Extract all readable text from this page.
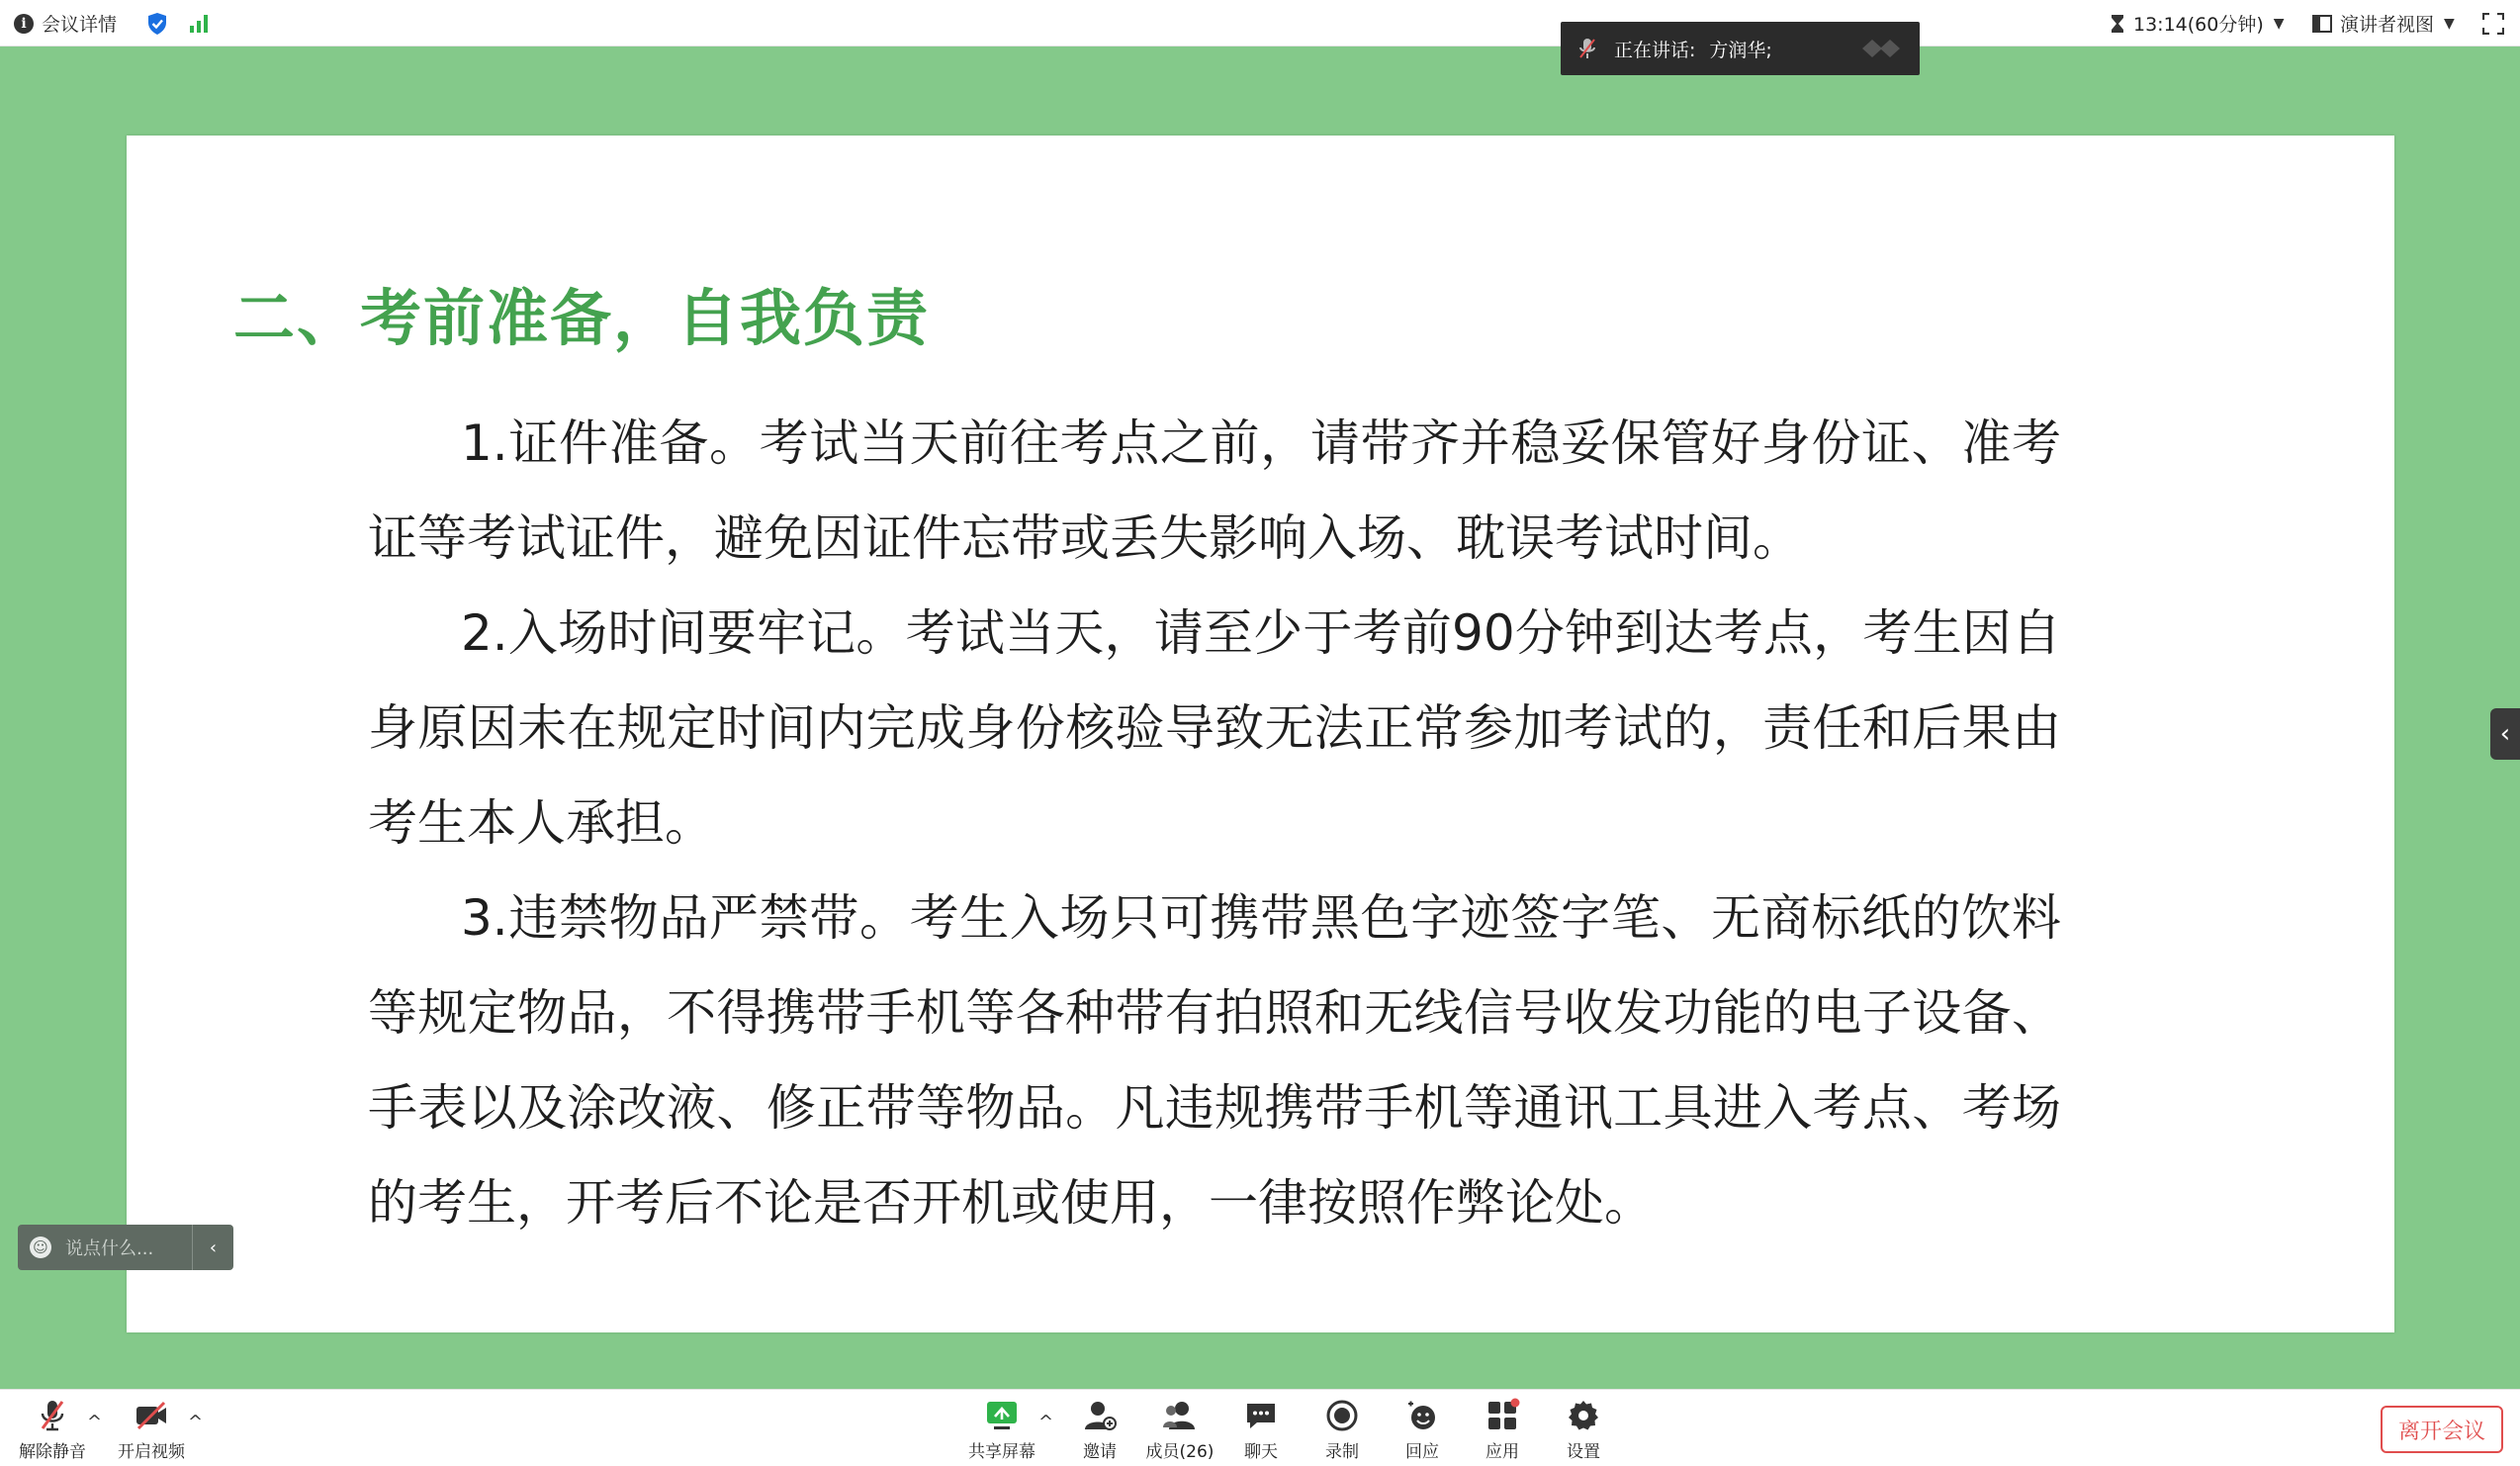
i 会议详情	13:14(60分钟) ▼	演讲者视图 ▼
正在讲话: 方润华;
二、考前准备，自我负责

1.证件准备。考试当天前往考点之前，请带齐并稳妥保管好身份证、准考证等考试证件，避免因证件忘带或丢失影响入场、耽误考试时间。

2.入场时间要牢记。考试当天，请至少于考前90分钟到达考点，考生因自身原因未在规定时间内完成身份核验导致无法正常参加考试的，责任和后果由考生本人承担。

3.违禁物品严禁带。考生入场只可携带黑色字迹签字笔、无商标纸的饮料等规定物品，不得携带手机等各种带有拍照和无线信号收发功能的电子设备、手表以及涂改液、修正带等物品。凡违规携带手机等通讯工具进入考点、考场的考生，开考后不论是否开机或使用，一律按照作弊论处。

‹
☺ 说点什么...	‹
解除静音
^
开启视频
^
共享屏幕
^
邀请 成员(26) 聊天	录制	回应	应用	设置
离开会议
